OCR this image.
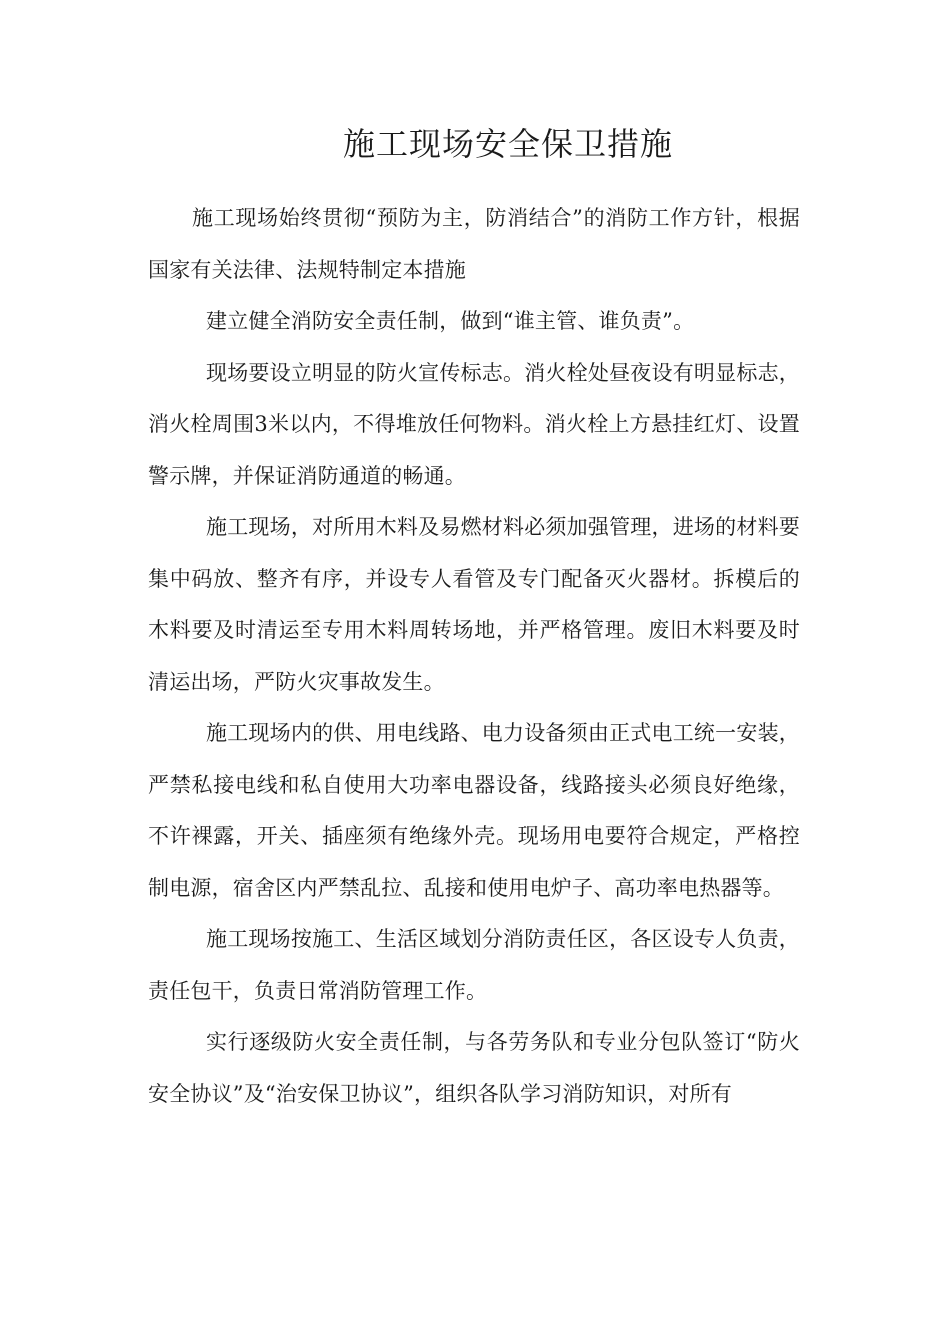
施工现场安全保卫措施

施工现场始终贯彻“预防为主，防消结合”的消防工作方针，根据国家有关法律、法规特制定本措施

建立健全消防安全责任制，做到“谁主管、谁负责”。

现场要设立明显的防火宣传标志。消火栓处昼夜设有明显标志，消火栓周围3米以内，不得堆放任何物料。消火栓上方悬挂红灯、设置警示牌，并保证消防通道的畅通。

施工现场，对所用木料及易燃材料必须加强管理，进场的材料要集中码放、整齐有序，并设专人看管及专门配备灭火器材。拆模后的木料要及时清运至专用木料周转场地，并严格管理。废旧木料要及时清运出场，严防火灾事故发生。

施工现场内的供、用电线路、电力设备须由正式电工统一安装，严禁私接电线和私自使用大功率电器设备，线路接头必须良好绝缘，不许裸露，开关、插座须有绝缘外壳。现场用电要符合规定，严格控制电源，宿舍区内严禁乱拉、乱接和使用电炉子、高功率电热器等。

施工现场按施工、生活区域划分消防责任区，各区设专人负责，责任包干，负责日常消防管理工作。

实行逐级防火安全责任制，与各劳务队和专业分包队签订“防火安全协议”及“治安保卫协议”，组织各队学习消防知识，对所有
